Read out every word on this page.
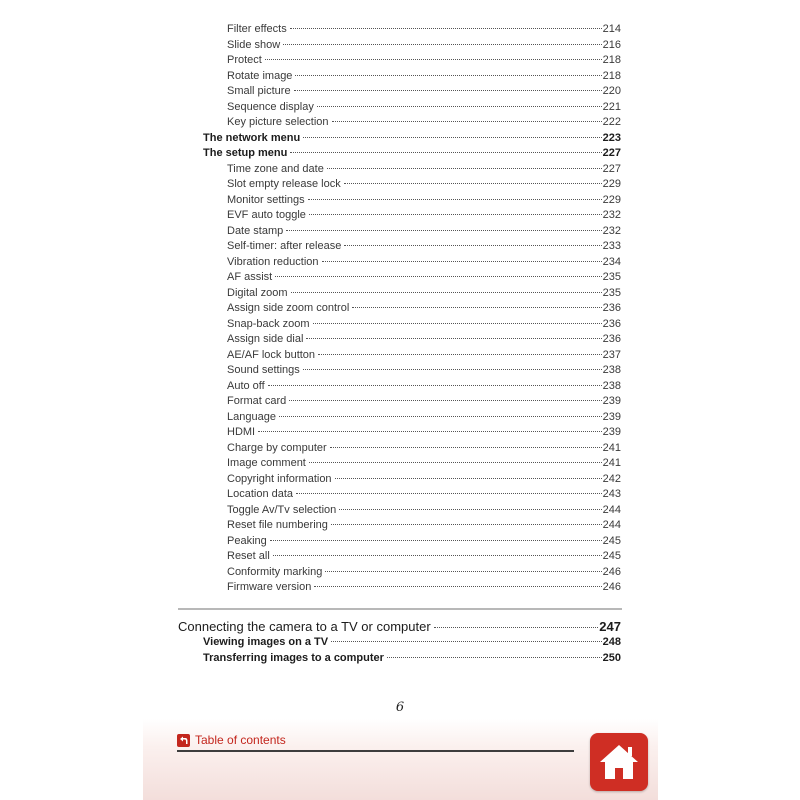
Filter effects	214
Slide show	216
Protect	218
Rotate image	218
Small picture	220
Sequence display	221
Key picture selection	222
The network menu	223
The setup menu	227
Time zone and date	227
Slot empty release lock	229
Monitor settings	229
EVF auto toggle	232
Date stamp	232
Self-timer: after release	233
Vibration reduction	234
AF assist	235
Digital zoom	235
Assign side zoom control	236
Snap-back zoom	236
Assign side dial	236
AE/AF lock button	237
Sound settings	238
Auto off	238
Format card	239
Language	239
HDMI	239
Charge by computer	241
Image comment	241
Copyright information	242
Location data	243
Toggle Av/Tv selection	244
Reset file numbering	244
Peaking	245
Reset all	245
Conformity marking	246
Firmware version	246
Connecting the camera to a TV or computer	247
Viewing images on a TV	248
Transferring images to a computer	250
6
Table of contents
